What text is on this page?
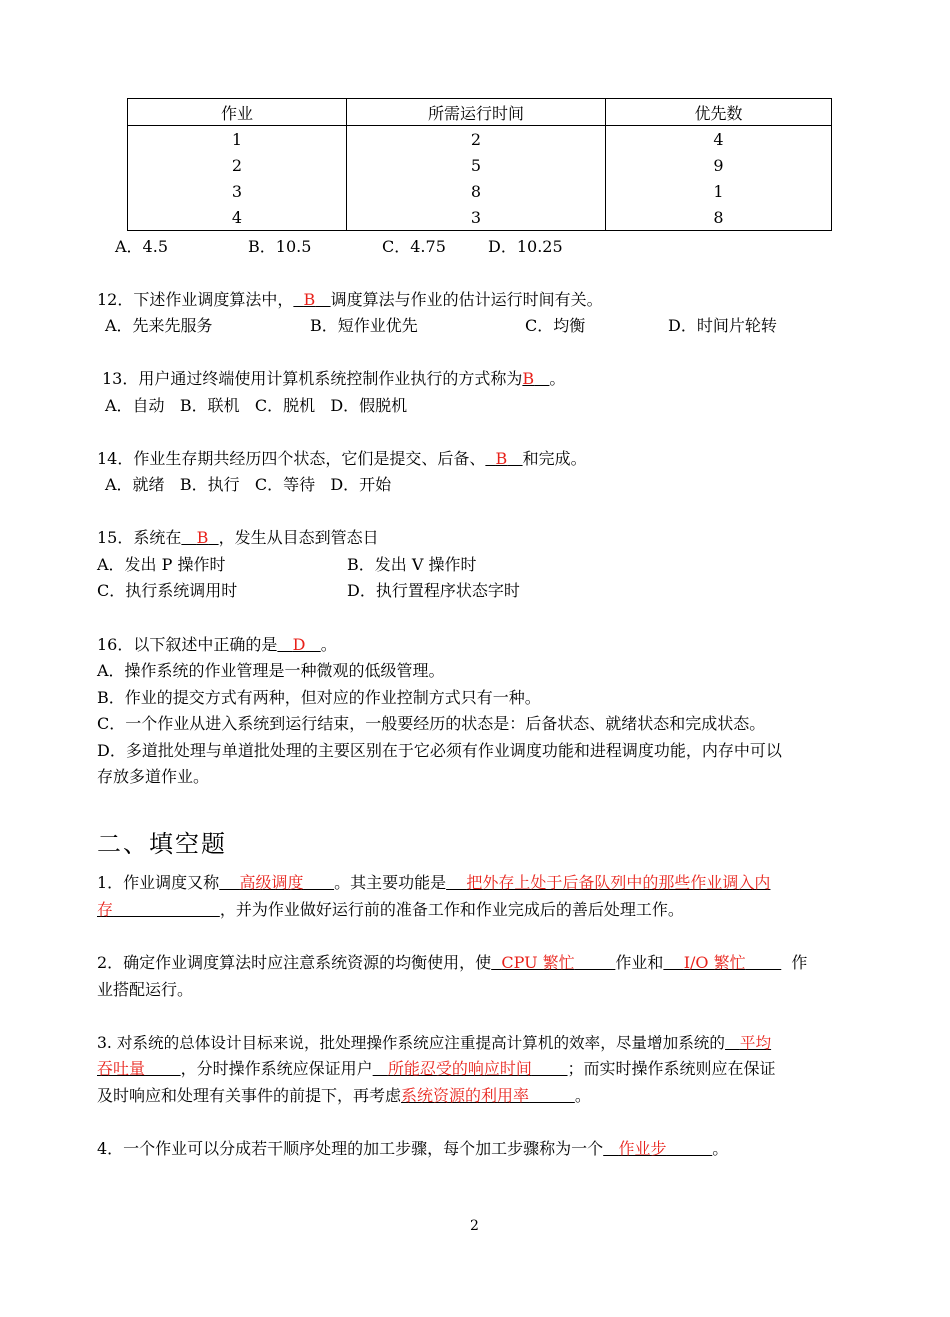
作业	所需运行时间	优先数
1	2	4
2	5	9
3	8	1
4	3	8
A．4.5	B．10.5	C．4.75	D．10.25
12．下述作业调度算法中， B 调度算法与作业的估计运行时间有关。
A．先来先服务	B．短作业优先	C．均衡	D．时间片轮转
13．用户通过终端使用计算机系统控制作业执行的方式称为B 。
A．自动   B．联机   C．脱机   D．假脱机
14．作业生存期共经历四个状态，它们是提交、后备、 B 和完成。
A．就绪   B．执行   C．等待   D．开始
15．系统在 B ，发生从目态到管态日
A．发出 P 操作时	B．发出 V 操作时
C．执行系统调用时	D．执行置程序状态字时
16．以下叙述中正确的是 D 。
A．操作系统的作业管理是一种微观的低级管理。
B．作业的提交方式有两种，但对应的作业控制方式只有一种。
C．一个作业从进入系统到运行结束，一般要经历的状态是：后备状态、就绪状态和完成状态。
D．多道批处理与单道批处理的主要区别在于它必须有作业调度功能和进程调度功能，内存中可以
存放多道作业。
二、填空题
1．作业调度又称 高级调度 。其主要功能是 把外存上处于后备队列中的那些作业调入内
存	，并为作业做好运行前的准备工作和作业完成后的善后处理工作。
2．确定作业调度算法时应注意系统资源的均衡使用，使 CPU 繁忙	作业和 I/O 繁忙	作
业搭配运行。
3. 对系统的总体设计目标来说，批处理操作系统应注重提高计算机的效率，尽量增加系统的 平均
吞吐量 ，分时操作系统应保证用户 所能忍受的响应时间 ；而实时操作系统则应在保证
及时响应和处理有关事件的前提下，再考虑系统资源的利用率	。
4．一个作业可以分成若干顺序处理的加工步骤，每个加工步骤称为一个 作业步	。
2
